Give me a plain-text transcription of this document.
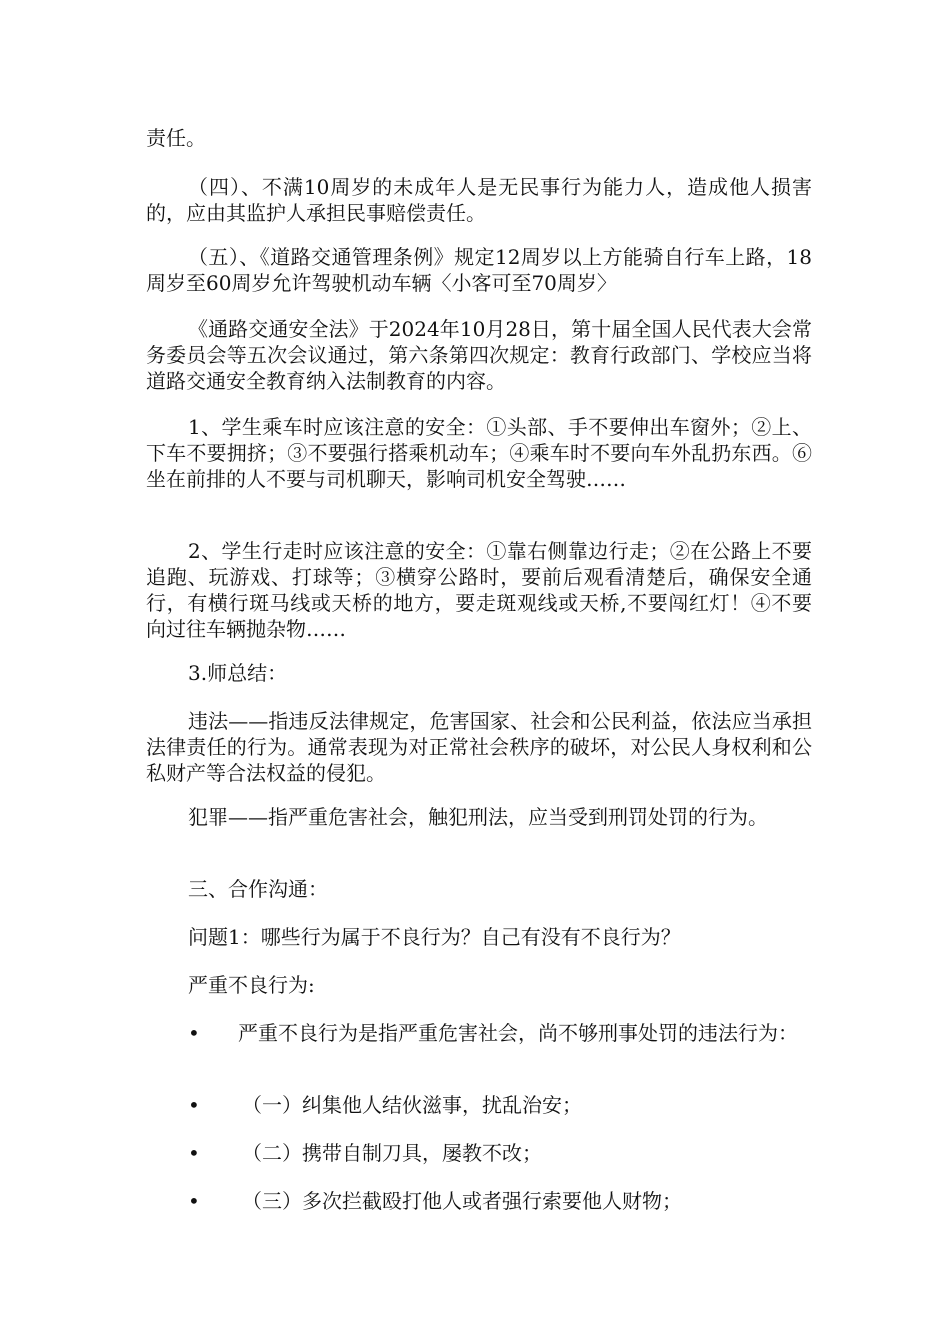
责任。

（四）、不满10周岁的未成年人是无民事行为能力人，造成他人损害的，应由其监护人承担民事赔偿责任。

（五）、《道路交通管理条例》规定12周岁以上方能骑自行车上路，18周岁至60周岁允许驾驶机动车辆〈小客可至70周岁〉

《通路交通安全法》于2024年10月28日，第十届全国人民代表大会常务委员会等五次会议通过，第六条第四次规定：教育行政部门、学校应当将道路交通安全教育纳入法制教育的内容。

1、学生乘车时应该注意的安全：①头部、手不要伸出车窗外；②上、下车不要拥挤；③不要强行搭乘机动车；④乘车时不要向车外乱扔东西。⑥坐在前排的人不要与司机聊天，影响司机安全驾驶……

2、学生行走时应该注意的安全：①靠右侧靠边行走；②在公路上不要追跑、玩游戏、打球等；③横穿公路时，要前后观看清楚后，确保安全通行，有横行斑马线或天桥的地方，要走斑观线或天桥,不要闯红灯！④不要向过往车辆抛杂物……

3.师总结：

违法——指违反法律规定，危害国家、社会和公民利益，依法应当承担法律责任的行为。通常表现为对正常社会秩序的破坏，对公民人身权利和公私财产等合法权益的侵犯。

犯罪——指严重危害社会，触犯刑法，应当受到刑罚处罚的行为。

三、合作沟通：

问题1：哪些行为属于不良行为？自己有没有不良行为？

严重不良行为:

•	严重不良行为是指严重危害社会，尚不够刑事处罚的违法行为：
•	（一）纠集他人结伙滋事，扰乱治安；
•	（二）携带自制刀具，屡教不改；
•	（三）多次拦截殴打他人或者强行索要他人财物；
